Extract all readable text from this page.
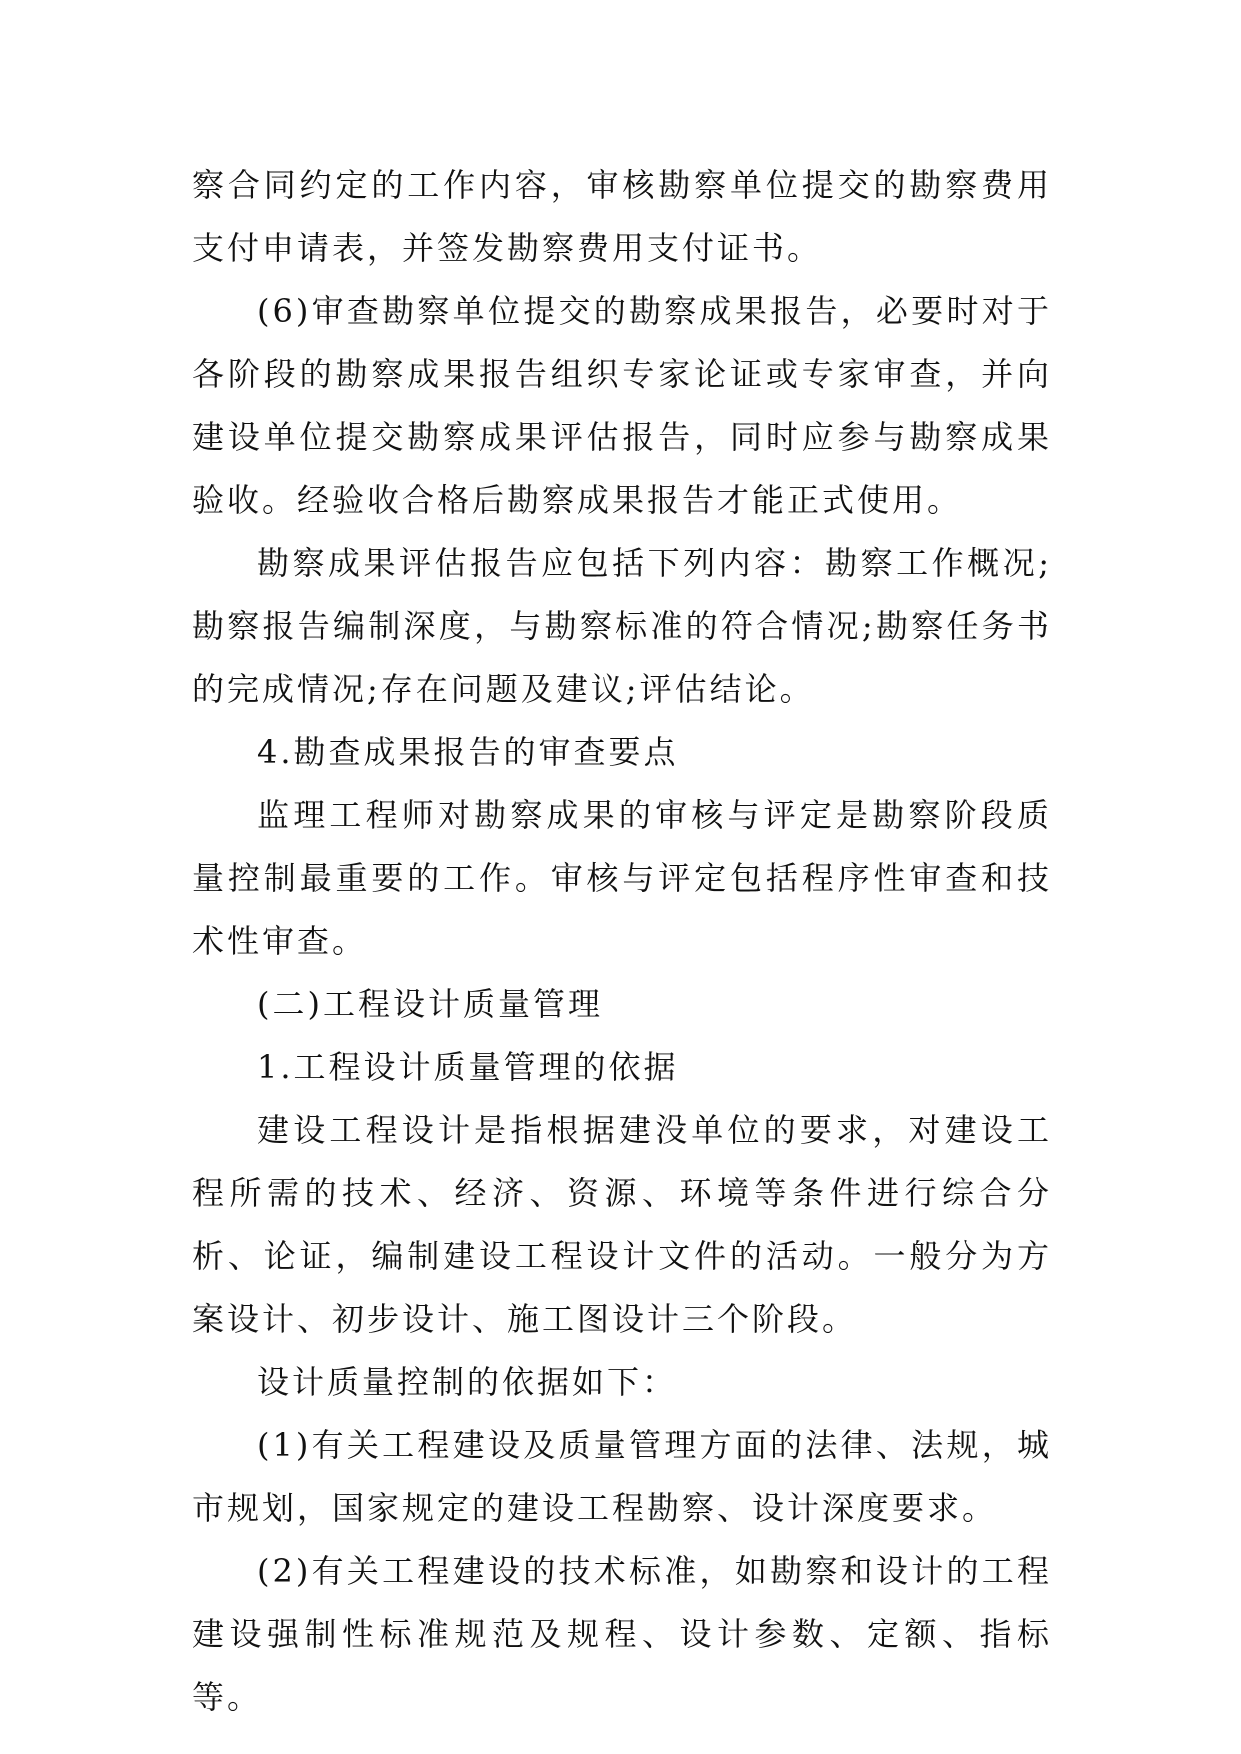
察合同约定的工作内容，审核勘察单位提交的勘察费用支付申请表，并签发勘察费用支付证书。

(6)审查勘察单位提交的勘察成果报告，必要时对于各阶段的勘察成果报告组织专家论证或专家审查，并向建设单位提交勘察成果评估报告，同时应参与勘察成果验收。经验收合格后勘察成果报告才能正式使用。

勘察成果评估报告应包括下列内容：勘察工作概况;勘察报告编制深度，与勘察标准的符合情况;勘察任务书的完成情况;存在问题及建议;评估结论。

4.勘查成果报告的审查要点

监理工程师对勘察成果的审核与评定是勘察阶段质量控制最重要的工作。审核与评定包括程序性审查和技术性审查。

(二)工程设计质量管理

1.工程设计质量管理的依据

建设工程设计是指根据建没单位的要求，对建设工程所需的技术、经济、资源、环境等条件进行综合分析、论证，编制建设工程设计文件的活动。一般分为方案设计、初步设计、施工图设计三个阶段。

设计质量控制的依据如下：

(1)有关工程建设及质量管理方面的法律、法规，城市规划，国家规定的建设工程勘察、设计深度要求。

(2)有关工程建设的技术标准，如勘察和设计的工程建设强制性标准规范及规程、设计参数、定额、指标等。
